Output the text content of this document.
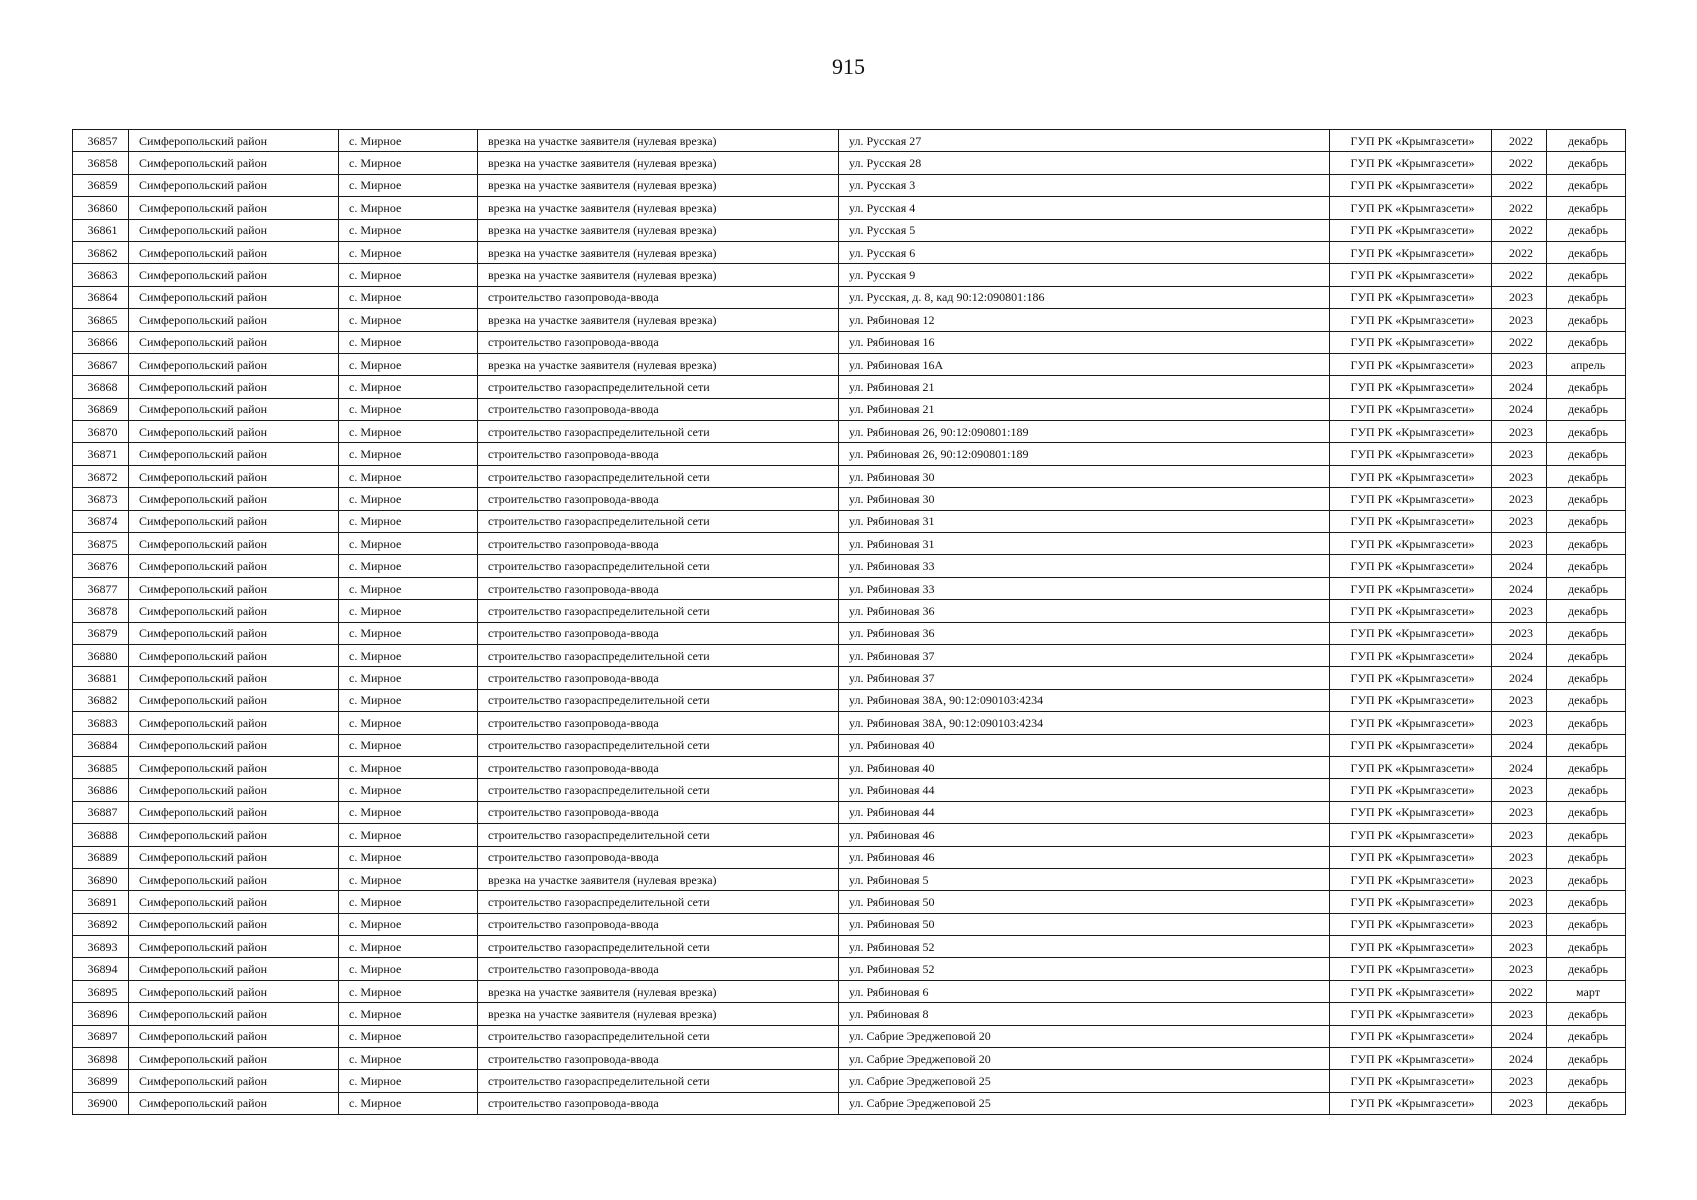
915
36857	Симферопольский район	с. Мирное	врезка на участке заявителя (нулевая врезка)	ул. Русская 27	ГУП РК «Крымгазсети»	2022	декабрь
36858	Симферопольский район	с. Мирное	врезка на участке заявителя (нулевая врезка)	ул. Русская 28	ГУП РК «Крымгазсети»	2022	декабрь
36859	Симферопольский район	с. Мирное	врезка на участке заявителя (нулевая врезка)	ул. Русская 3	ГУП РК «Крымгазсети»	2022	декабрь
36860	Симферопольский район	с. Мирное	врезка на участке заявителя (нулевая врезка)	ул. Русская 4	ГУП РК «Крымгазсети»	2022	декабрь
36861	Симферопольский район	с. Мирное	врезка на участке заявителя (нулевая врезка)	ул. Русская 5	ГУП РК «Крымгазсети»	2022	декабрь
36862	Симферопольский район	с. Мирное	врезка на участке заявителя (нулевая врезка)	ул. Русская 6	ГУП РК «Крымгазсети»	2022	декабрь
36863	Симферопольский район	с. Мирное	врезка на участке заявителя (нулевая врезка)	ул. Русская 9	ГУП РК «Крымгазсети»	2022	декабрь
36864	Симферопольский район	с. Мирное	строительство газопровода-ввода	ул. Русская, д. 8, кад 90:12:090801:186	ГУП РК «Крымгазсети»	2023	декабрь
36865	Симферопольский район	с. Мирное	врезка на участке заявителя (нулевая врезка)	ул. Рябиновая 12	ГУП РК «Крымгазсети»	2023	декабрь
36866	Симферопольский район	с. Мирное	строительство газопровода-ввода	ул. Рябиновая 16	ГУП РК «Крымгазсети»	2022	декабрь
36867	Симферопольский район	с. Мирное	врезка на участке заявителя (нулевая врезка)	ул. Рябиновая 16А	ГУП РК «Крымгазсети»	2023	апрель
36868	Симферопольский район	с. Мирное	строительство газораспределительной сети	ул. Рябиновая 21	ГУП РК «Крымгазсети»	2024	декабрь
36869	Симферопольский район	с. Мирное	строительство газопровода-ввода	ул. Рябиновая 21	ГУП РК «Крымгазсети»	2024	декабрь
36870	Симферопольский район	с. Мирное	строительство газораспределительной сети	ул. Рябиновая 26, 90:12:090801:189	ГУП РК «Крымгазсети»	2023	декабрь
36871	Симферопольский район	с. Мирное	строительство газопровода-ввода	ул. Рябиновая 26, 90:12:090801:189	ГУП РК «Крымгазсети»	2023	декабрь
36872	Симферопольский район	с. Мирное	строительство газораспределительной сети	ул. Рябиновая 30	ГУП РК «Крымгазсети»	2023	декабрь
36873	Симферопольский район	с. Мирное	строительство газопровода-ввода	ул. Рябиновая 30	ГУП РК «Крымгазсети»	2023	декабрь
36874	Симферопольский район	с. Мирное	строительство газораспределительной сети	ул. Рябиновая 31	ГУП РК «Крымгазсети»	2023	декабрь
36875	Симферопольский район	с. Мирное	строительство газопровода-ввода	ул. Рябиновая 31	ГУП РК «Крымгазсети»	2023	декабрь
36876	Симферопольский район	с. Мирное	строительство газораспределительной сети	ул. Рябиновая 33	ГУП РК «Крымгазсети»	2024	декабрь
36877	Симферопольский район	с. Мирное	строительство газопровода-ввода	ул. Рябиновая 33	ГУП РК «Крымгазсети»	2024	декабрь
36878	Симферопольский район	с. Мирное	строительство газораспределительной сети	ул. Рябиновая 36	ГУП РК «Крымгазсети»	2023	декабрь
36879	Симферопольский район	с. Мирное	строительство газопровода-ввода	ул. Рябиновая 36	ГУП РК «Крымгазсети»	2023	декабрь
36880	Симферопольский район	с. Мирное	строительство газораспределительной сети	ул. Рябиновая 37	ГУП РК «Крымгазсети»	2024	декабрь
36881	Симферопольский район	с. Мирное	строительство газопровода-ввода	ул. Рябиновая 37	ГУП РК «Крымгазсети»	2024	декабрь
36882	Симферопольский район	с. Мирное	строительство газораспределительной сети	ул. Рябиновая 38А, 90:12:090103:4234	ГУП РК «Крымгазсети»	2023	декабрь
36883	Симферопольский район	с. Мирное	строительство газопровода-ввода	ул. Рябиновая 38А, 90:12:090103:4234	ГУП РК «Крымгазсети»	2023	декабрь
36884	Симферопольский район	с. Мирное	строительство газораспределительной сети	ул. Рябиновая 40	ГУП РК «Крымгазсети»	2024	декабрь
36885	Симферопольский район	с. Мирное	строительство газопровода-ввода	ул. Рябиновая 40	ГУП РК «Крымгазсети»	2024	декабрь
36886	Симферопольский район	с. Мирное	строительство газораспределительной сети	ул. Рябиновая 44	ГУП РК «Крымгазсети»	2023	декабрь
36887	Симферопольский район	с. Мирное	строительство газопровода-ввода	ул. Рябиновая 44	ГУП РК «Крымгазсети»	2023	декабрь
36888	Симферопольский район	с. Мирное	строительство газораспределительной сети	ул. Рябиновая 46	ГУП РК «Крымгазсети»	2023	декабрь
36889	Симферопольский район	с. Мирное	строительство газопровода-ввода	ул. Рябиновая 46	ГУП РК «Крымгазсети»	2023	декабрь
36890	Симферопольский район	с. Мирное	врезка на участке заявителя (нулевая врезка)	ул. Рябиновая 5	ГУП РК «Крымгазсети»	2023	декабрь
36891	Симферопольский район	с. Мирное	строительство газораспределительной сети	ул. Рябиновая 50	ГУП РК «Крымгазсети»	2023	декабрь
36892	Симферопольский район	с. Мирное	строительство газопровода-ввода	ул. Рябиновая 50	ГУП РК «Крымгазсети»	2023	декабрь
36893	Симферопольский район	с. Мирное	строительство газораспределительной сети	ул. Рябиновая 52	ГУП РК «Крымгазсети»	2023	декабрь
36894	Симферопольский район	с. Мирное	строительство газопровода-ввода	ул. Рябиновая 52	ГУП РК «Крымгазсети»	2023	декабрь
36895	Симферопольский район	с. Мирное	врезка на участке заявителя (нулевая врезка)	ул. Рябиновая 6	ГУП РК «Крымгазсети»	2022	март
36896	Симферопольский район	с. Мирное	врезка на участке заявителя (нулевая врезка)	ул. Рябиновая 8	ГУП РК «Крымгазсети»	2023	декабрь
36897	Симферопольский район	с. Мирное	строительство газораспределительной сети	ул. Сабрие Эреджеповой 20	ГУП РК «Крымгазсети»	2024	декабрь
36898	Симферопольский район	с. Мирное	строительство газопровода-ввода	ул. Сабрие Эреджеповой 20	ГУП РК «Крымгазсети»	2024	декабрь
36899	Симферопольский район	с. Мирное	строительство газораспределительной сети	ул. Сабрие Эреджеповой 25	ГУП РК «Крымгазсети»	2023	декабрь
36900	Симферопольский район	с. Мирное	строительство газопровода-ввода	ул. Сабрие Эреджеповой 25	ГУП РК «Крымгазсети»	2023	декабрь
